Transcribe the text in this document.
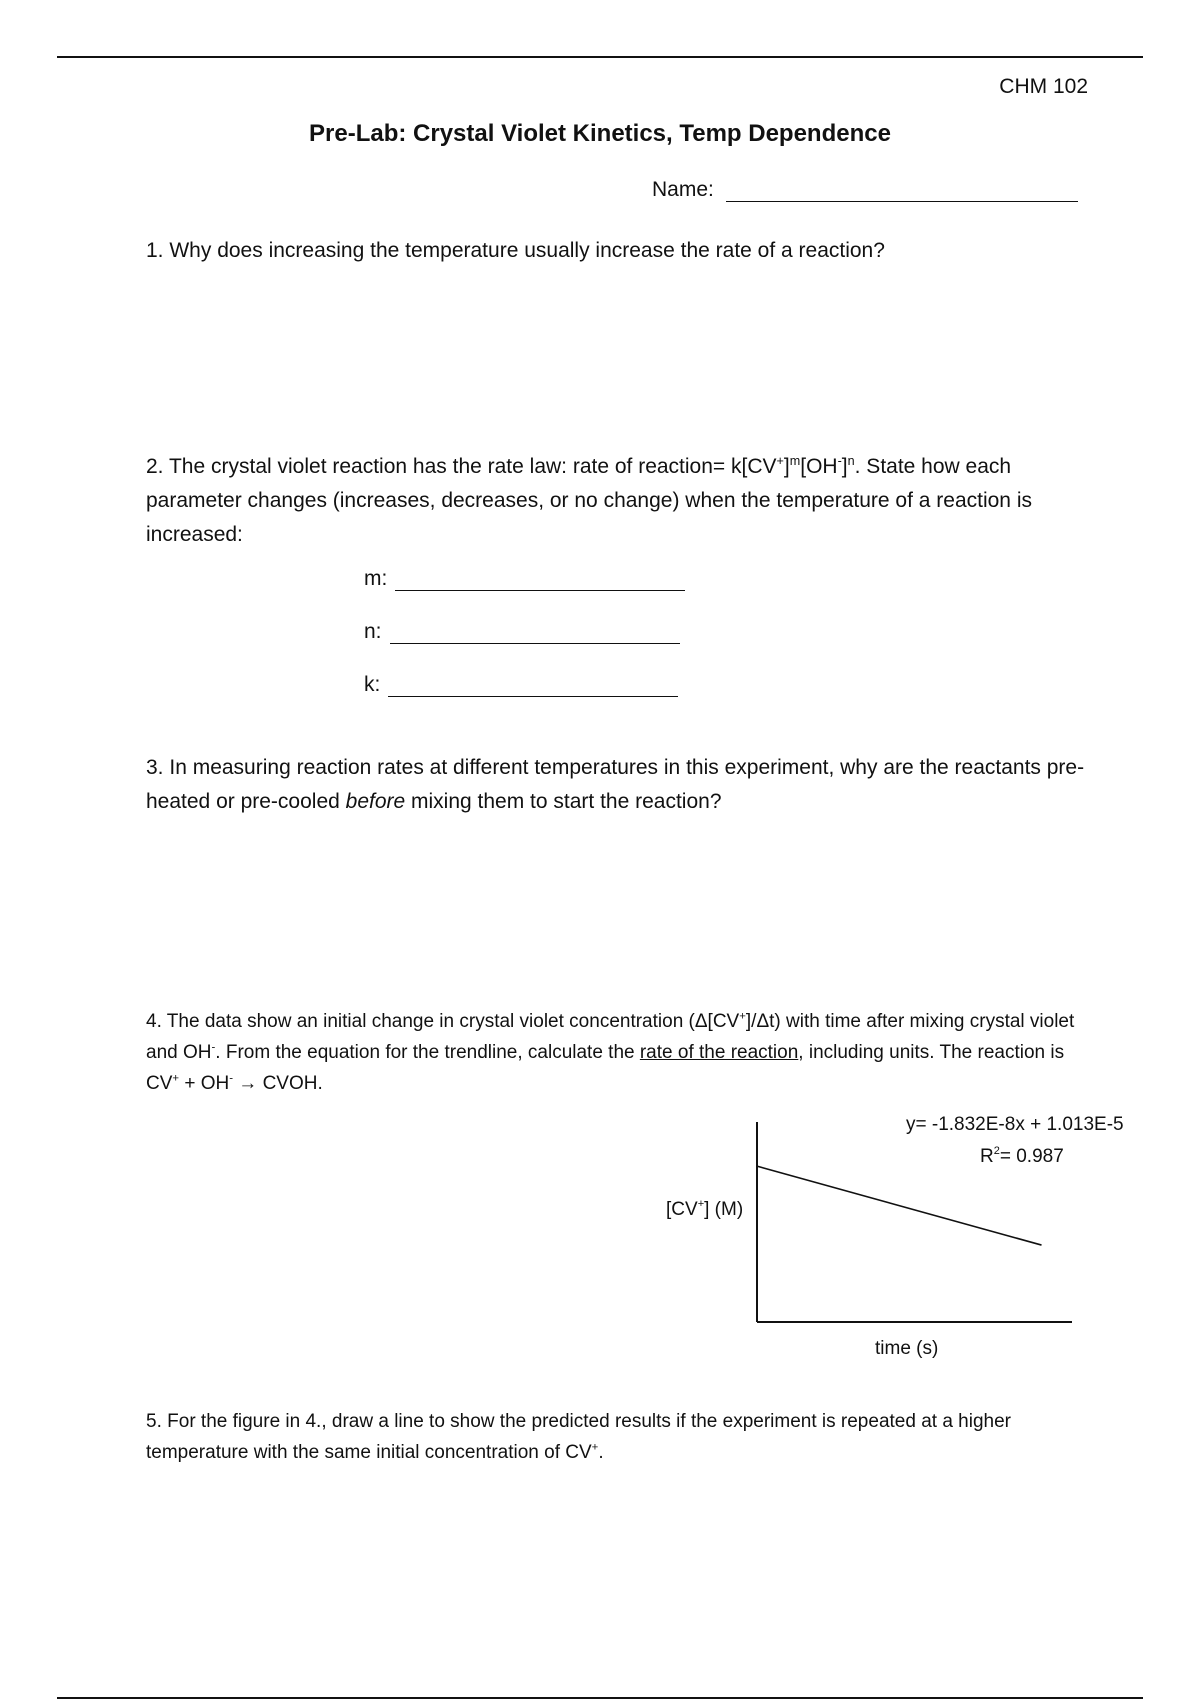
CHM 102
Pre-Lab: Crystal Violet Kinetics, Temp Dependence
Name:
1. Why does increasing the temperature usually increase the rate of a reaction?
2. The crystal violet reaction has the rate law: rate of reaction= $k[CV^+]^m[OH^-]^n$. State how each parameter changes (increases, decreases, or no change) when the temperature of a reaction is increased:
m:
n:
k:
3. In measuring reaction rates at different temperatures in this experiment, why are the reactants pre-heated or pre-cooled before mixing them to start the reaction?
4. The data show an initial change in crystal violet concentration (Δ[CV+]/Δt) with time after mixing crystal violet and OH-. From the equation for the trendline, calculate the rate of the reaction, including units. The reaction is CV+ + OH- → CVOH.
y= -1.832E-8x + 1.013E-5
$R^2= 0.987$
[CV+] (M)
time (s)
5. For the figure in 4., draw a line to show the predicted results if the experiment is repeated at a higher temperature with the same initial concentration of CV+.
